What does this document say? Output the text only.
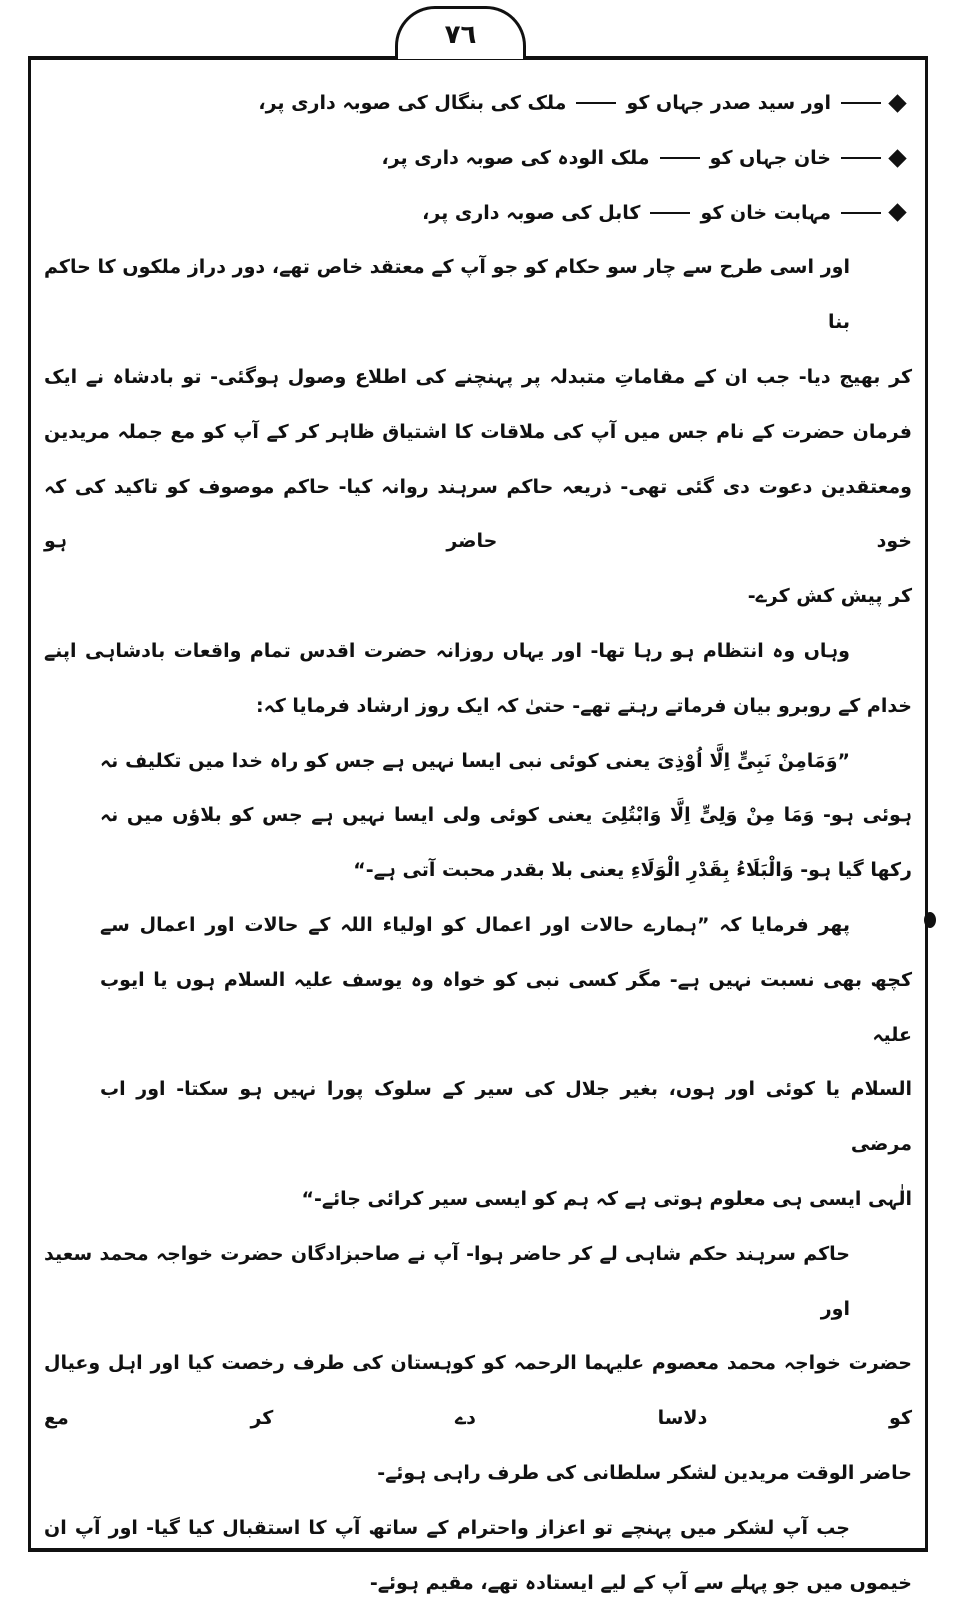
٧٦
اور سید صدر جہاں کو
ملک کی بنگال کی صوبہ داری پر،
خان جہاں کو
ملک الودہ کی صوبہ داری پر،
مہابت خان کو
کابل کی صوبہ داری پر،
اور اسی طرح سے چار سو حکام کو جو آپ کے معتقد خاص تھے، دور دراز ملکوں کا حاکم بنا
کر بھیج دیا- جب ان کے مقاماتِ متبدلہ پر پہنچنے کی اطلاع وصول ہوگئی- تو بادشاہ نے ایک
فرمان حضرت کے نام جس میں آپ کی ملاقات کا اشتیاق ظاہر کر کے آپ کو مع جملہ مریدین
ومعتقدین دعوت دی گئی تھی- ذریعہ حاکم سرہند روانہ کیا- حاکم موصوف کو تاکید کی کہ خود حاضر ہو
کر پیش کش کرے-
وہاں وہ انتظام ہو رہا تھا- اور یہاں روزانہ حضرت اقدس تمام واقعات بادشاہی اپنے
خدام کے روبرو بیان فرماتے رہتے تھے- حتیٰ کہ ایک روز ارشاد فرمایا کہ:
”وَمَامِنْ نَبِیٍّ اِلَّا اُوْذِیَ یعنی کوئی نبی ایسا نہیں ہے جس کو راہ خدا میں تکلیف نہ
ہوئی ہو- وَمَا مِنْ وَلِیٍّ اِلَّا وَابْتُلِیَ یعنی کوئی ولی ایسا نہیں ہے جس کو بلاؤں میں نہ
رکھا گیا ہو- وَالْبَلَاءُ بِقَدْرِ الْوَلَاءِ یعنی بلا بقدر محبت آتی ہے-“
پھر فرمایا کہ ”ہمارے حالات اور اعمال کو اولیاء اللہ کے حالات اور اعمال سے
کچھ بھی نسبت نہیں ہے- مگر کسی نبی کو خواہ وہ یوسف علیہ السلام ہوں یا ایوب علیہ
السلام یا کوئی اور ہوں، بغیر جلال کی سیر کے سلوک پورا نہیں ہو سکتا- اور اب مرضی
الٰہی ایسی ہی معلوم ہوتی ہے کہ ہم کو ایسی سیر کرائی جائے-“
حاکم سرہند حکم شاہی لے کر حاضر ہوا- آپ نے صاحبزادگان حضرت خواجہ محمد سعید اور
حضرت خواجہ محمد معصوم علیہما الرحمہ کو کوہستان کی طرف رخصت کیا اور اہل وعیال کو دلاسا دے کر مع
حاضر الوقت مریدین لشکر سلطانی کی طرف راہی ہوئے-
جب آپ لشکر میں پہنچے تو اعزاز واحترام کے ساتھ آپ کا استقبال کیا گیا- اور آپ ان
خیموں میں جو پہلے سے آپ کے لیے ایستادہ تھے، مقیم ہوئے-
